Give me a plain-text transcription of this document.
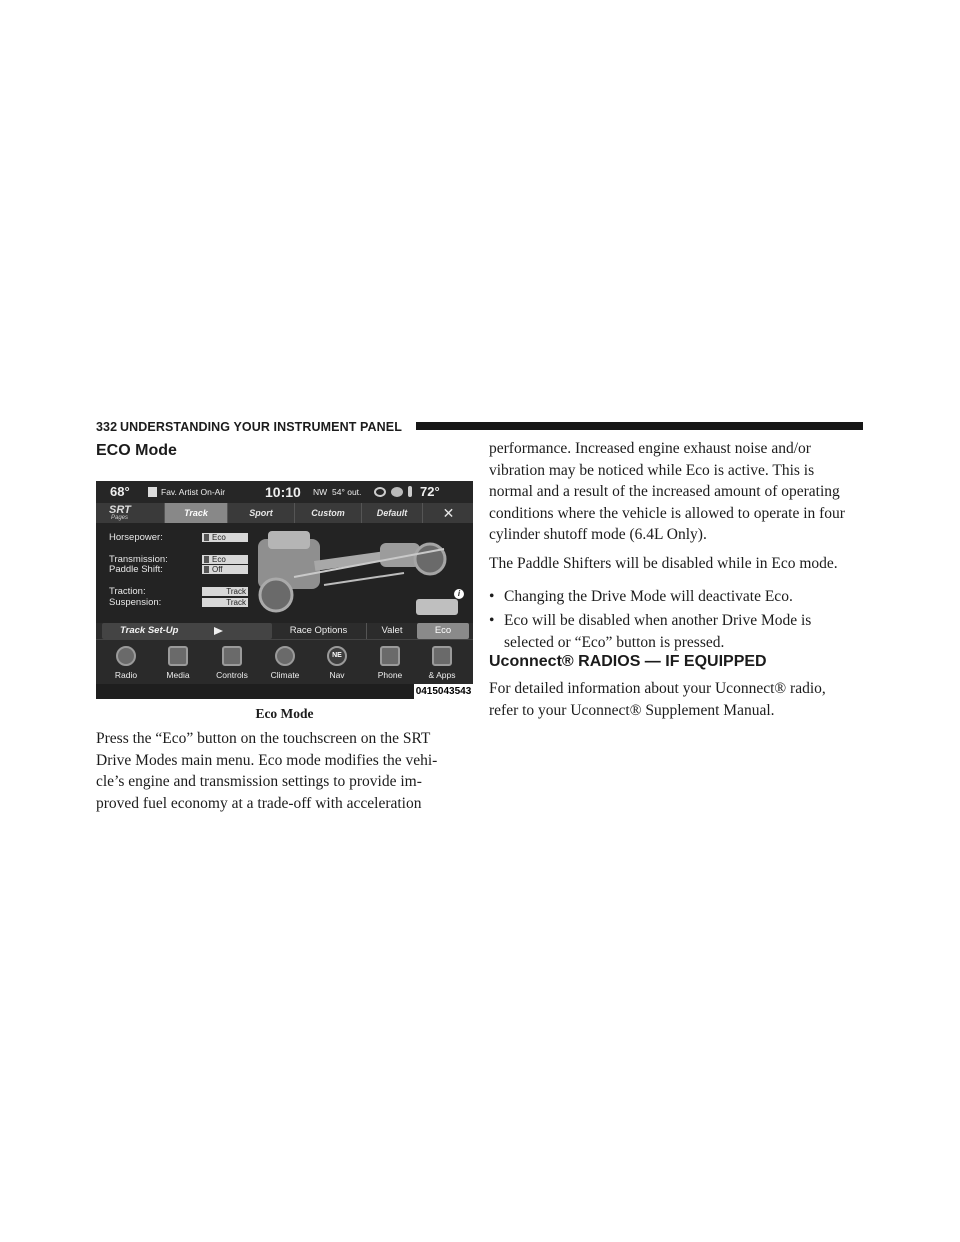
332 UNDERSTANDING YOUR INSTRUMENT PANEL
ECO Mode
68°	Fav. Artist On-Air	10:10 NW 54° out.	72°
SRT
Pages	Track	Sport	Custom	Default	✕
Horsepower:	Eco
Transmission:	Eco
Paddle Shift:	Off
Traction:	Track
Suspension:	Track
i
Track Set-Up	Race Options	Valet	Eco
Radio	Media	Controls	Climate
NE
Nav	Phone	& Apps
0415043543
Eco Mode
Press the “Eco” button on the touchscreen on the SRT
Drive Modes main menu. Eco mode modifies the vehi-
cle’s engine and transmission settings to provide im-
proved fuel economy at a trade-off with acceleration
performance. Increased engine exhaust noise and/or
vibration may be noticed while Eco is active. This is
normal and a result of the increased amount of operating
conditions where the vehicle is allowed to operate in four
cylinder shutoff mode (6.4L Only).
The Paddle Shifters will be disabled while in Eco mode.
• Changing the Drive Mode will deactivate Eco.
• Eco will be disabled when another Drive Mode is
selected or “Eco” button is pressed.
Uconnect® RADIOS — IF EQUIPPED
For detailed information about your Uconnect® radio,
refer to your Uconnect® Supplement Manual.
